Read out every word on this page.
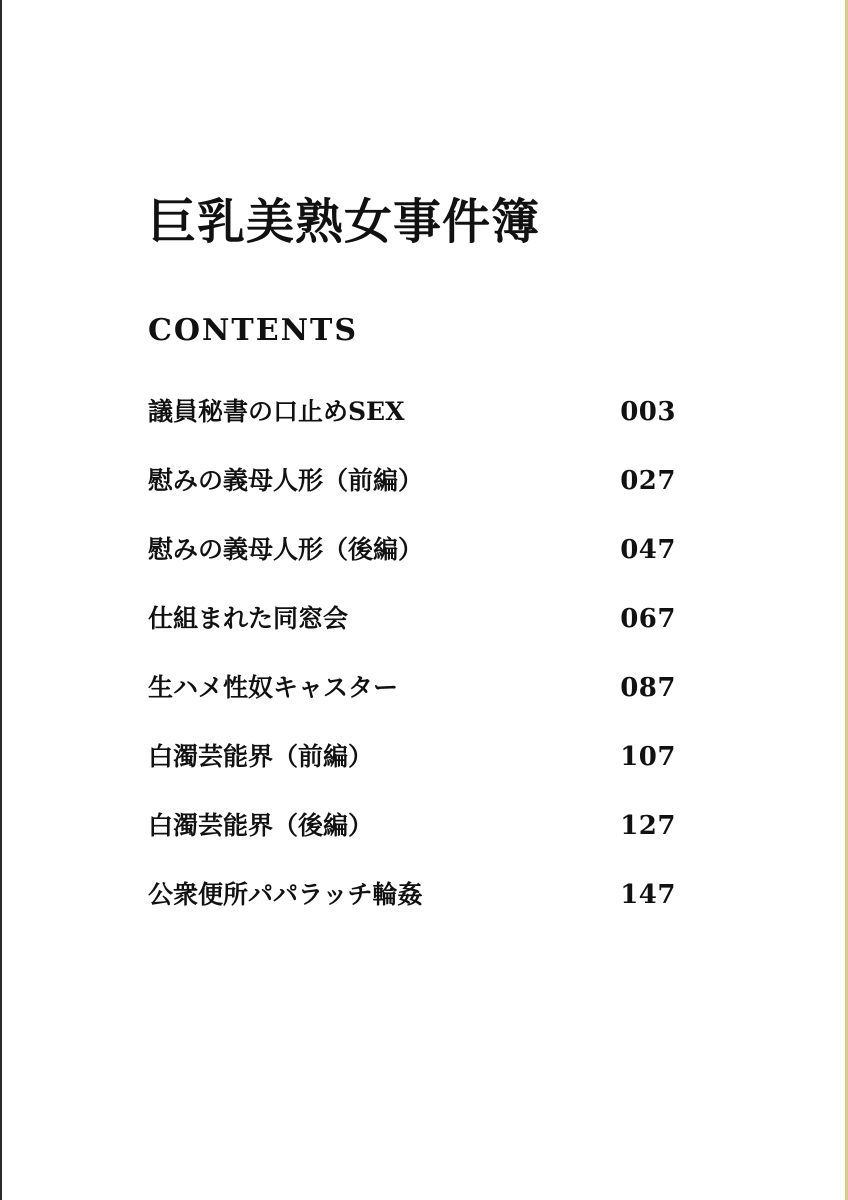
巨乳美熟女事件簿
CONTENTS
議員秘書の口止めSEX	003
慰みの義母人形（前編）	027
慰みの義母人形（後編）	047
仕組まれた同窓会	067
生ハメ性奴キャスター	087
白濁芸能界（前編）	107
白濁芸能界（後編）	127
公衆便所パパラッチ輪姦	147
